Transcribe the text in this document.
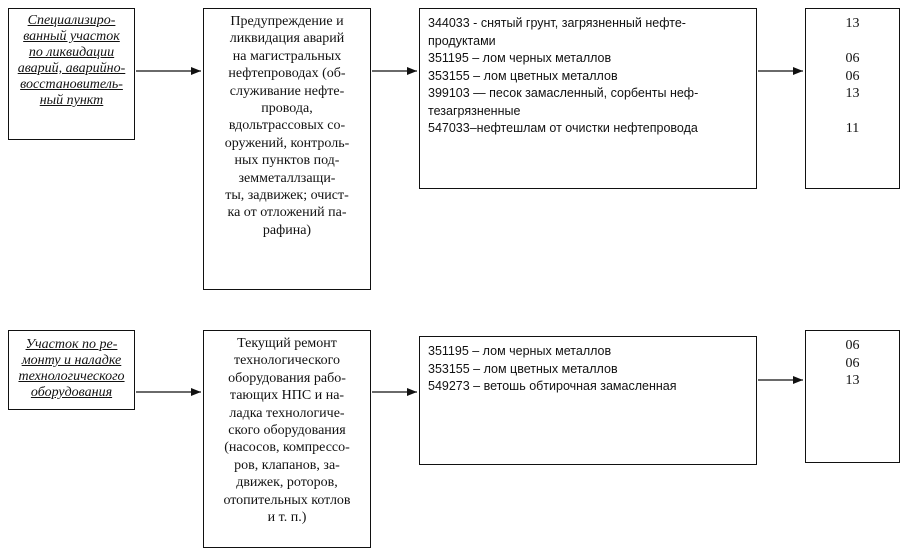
Специализиро-
ванный участок
по ликвидации
аварий, аварийно-
восстановитель-
ный пункт
Предупреждение и
ликвидация аварий
на магистральных
нефтепроводах (об-
служивание нефте-
провода,
вдольтрассовых со-
оружений, контроль-
ных пунктов под-
земметаллзащи-
ты, задвижек; очист-
ка от отложений па-
рафина)
344033 - снятый грунт, загрязненный нефте-
продуктами
351195 – лом черных металлов
353155 – лом цветных металлов
399103 — песок замасленный, сорбенты неф-
тезагрязненные
547033–нефтешлам от очистки нефтепровода
13

06
06
13

11
Участок по ре-
монту и наладке
технологического
оборудования
Текущий ремонт
технологического
оборудования рабо-
тающих НПС и на-
ладка технологиче-
ского оборудования
(насосов, компрессо-
ров, клапанов, за-
движек, роторов,
отопительных котлов
и т. п.)
351195 – лом черных металлов
353155 – лом цветных металлов
549273 – ветошь обтирочная замасленная
06
06
13
